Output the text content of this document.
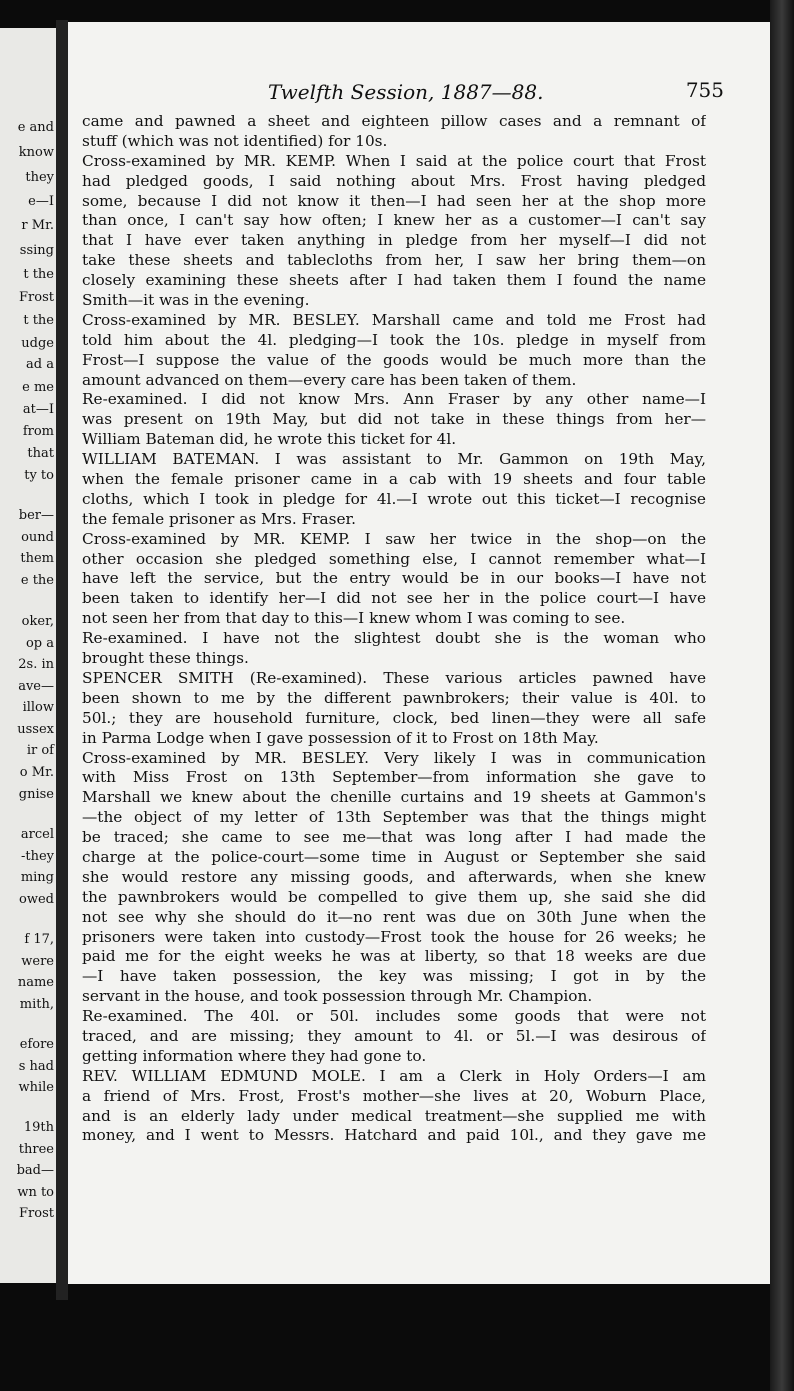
e and
know
they
e—I
r Mr.
ssing
t the
Frost
t the
udge
ad a
e me
at—I
from
that
ty to
ber—
ound
them
e the
oker,
op a
2s. in
ave—
illow
ussex
ir of
o Mr.
gnise
arcel
-they
ming
owed
f 17,
were
name
mith,
efore
s had
while
19th
three
bad—
wn to
Frost
Twelfth Session, 1887—88.	755
came and pawned a sheet and eighteen pillow cases and a remnant of
stuff (which was not identified) for 10s.
Cross-examined by MR. KEMP. When I said at the police court that Frost
had pledged goods, I said nothing about Mrs. Frost having pledged
some, because I did not know it then—I had seen her at the shop more
than once, I can't say how often; I knew her as a customer—I can't say
that I have ever taken anything in pledge from her myself—I did not
take these sheets and tablecloths from her, I saw her bring them—on
closely examining these sheets after I had taken them I found the name
Smith—it was in the evening.
Cross-examined by MR. BESLEY. Marshall came and told me Frost had
told him about the 4l. pledging—I took the 10s. pledge in myself from
Frost—I suppose the value of the goods would be much more than the
amount advanced on them—every care has been taken of them.
Re-examined. I did not know Mrs. Ann Fraser by any other name—I
was present on 19th May, but did not take in these things from her—
William Bateman did, he wrote this ticket for 4l.
WILLIAM BATEMAN. I was assistant to Mr. Gammon on 19th May,
when the female prisoner came in a cab with 19 sheets and four table
cloths, which I took in pledge for 4l.—I wrote out this ticket—I recognise
the female prisoner as Mrs. Fraser.
Cross-examined by MR. KEMP. I saw her twice in the shop—on the
other occasion she pledged something else, I cannot remember what—I
have left the service, but the entry would be in our books—I have not
been taken to identify her—I did not see her in the police court—I have
not seen her from that day to this—I knew whom I was coming to see.
Re-examined. I have not the slightest doubt she is the woman who
brought these things.
SPENCER SMITH (Re-examined). These various articles pawned have
been shown to me by the different pawnbrokers; their value is 40l. to
50l.; they are household furniture, clock, bed linen—they were all safe
in Parma Lodge when I gave possession of it to Frost on 18th May.
Cross-examined by MR. BESLEY. Very likely I was in communication
with Miss Frost on 13th September—from information she gave to
Marshall we knew about the chenille curtains and 19 sheets at Gammon's
—the object of my letter of 13th September was that the things might
be traced; she came to see me—that was long after I had made the
charge at the police-court—some time in August or September she said
she would restore any missing goods, and afterwards, when she knew
the pawnbrokers would be compelled to give them up, she said she did
not see why she should do it—no rent was due on 30th June when the
prisoners were taken into custody—Frost took the house for 26 weeks; he
paid me for the eight weeks he was at liberty, so that 18 weeks are due
—I have taken possession, the key was missing; I got in by the
servant in the house, and took possession through Mr. Champion.
Re-examined. The 40l. or 50l. includes some goods that were not
traced, and are missing; they amount to 4l. or 5l.—I was desirous of
getting information where they had gone to.
REV. WILLIAM EDMUND MOLE. I am a Clerk in Holy Orders—I am
a friend of Mrs. Frost, Frost's mother—she lives at 20, Woburn Place,
and is an elderly lady under medical treatment—she supplied me with
money, and I went to Messrs. Hatchard and paid 10l., and they gave me
